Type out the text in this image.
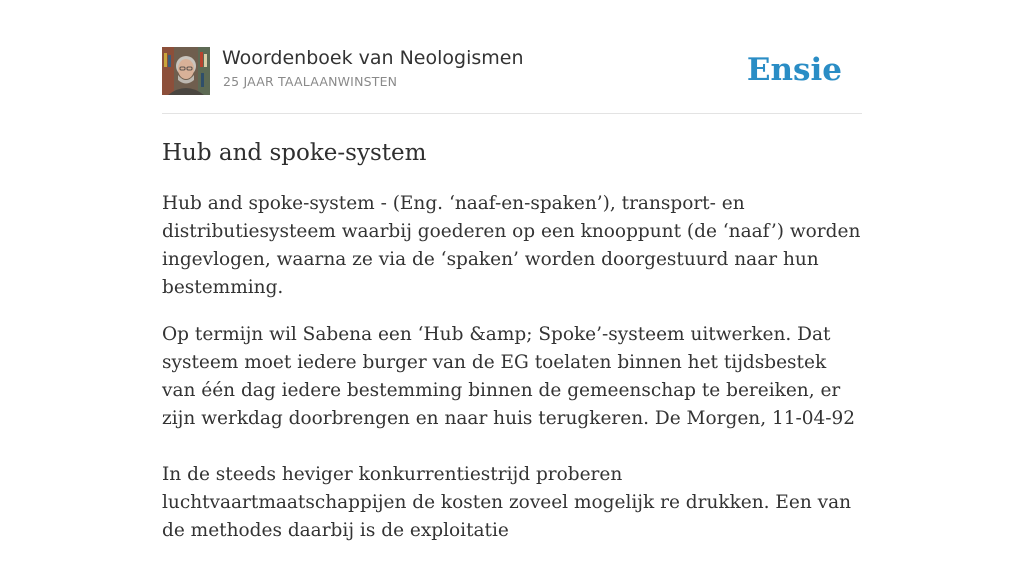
Woordenboek van Neologismen
25 JAAR TAALAANWINSTEN	Ensie
Hub and spoke-system

Hub and spoke-system - (Eng. ‘naaf-en-spaken’), transport- en distributiesysteem waarbij goederen op een knooppunt (de ‘naaf’) worden ingevlogen, waarna ze via de ‘spaken’ worden doorgestuurd naar hun bestemming.

Op termijn wil Sabena een ‘Hub &amp; Spoke’-systeem uitwerken. Dat systeem moet iedere burger van de EG toelaten binnen het tijdsbestek van één dag iedere bestemming binnen de gemeenschap te bereiken, er zijn werkdag doorbrengen en naar huis terugkeren. De Morgen, 11-04-92

In de steeds heviger konkurrentiestrijd proberen luchtvaartmaatschappijen de kosten zoveel mogelijk re drukken. Een van de methodes daarbij is de exploitatie
